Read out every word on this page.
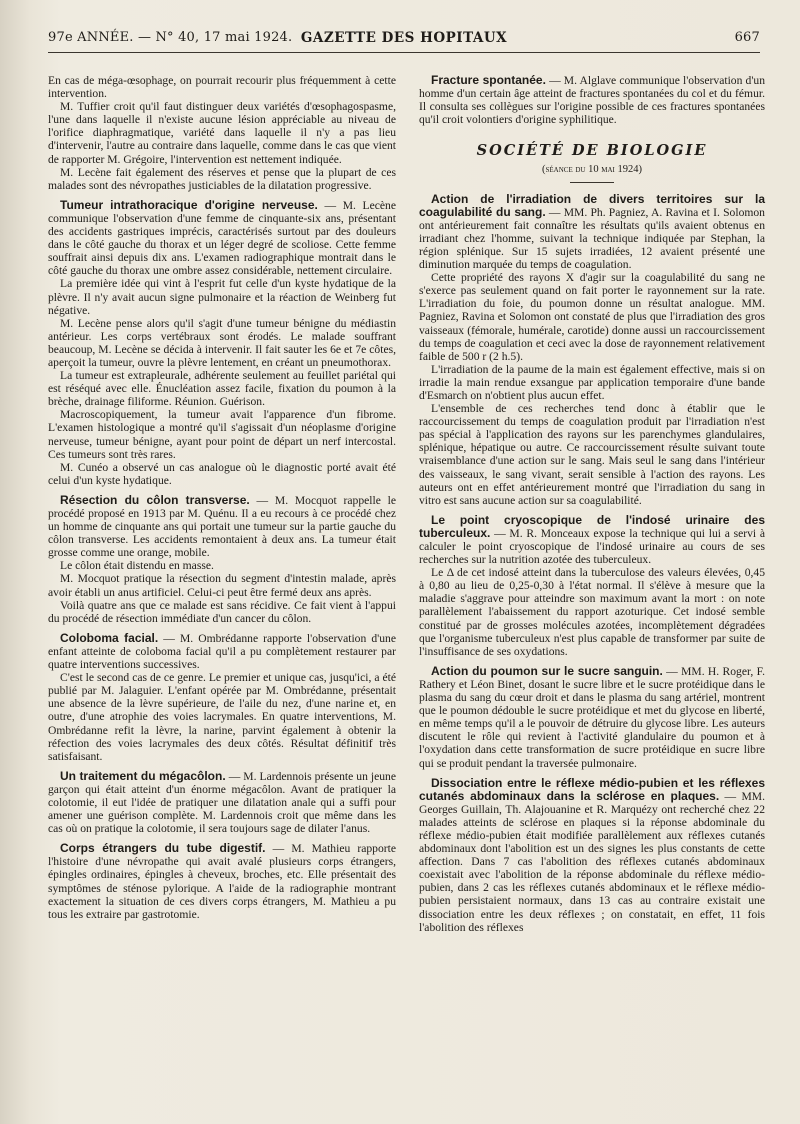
97e ANNÉE. — N° 40, 17 mai 1924. GAZETTE DES HOPITAUX	667

En cas de méga-œsophage, on pourrait recourir plus fréquemment à cette intervention.

M. Tuffier croit qu'il faut distinguer deux variétés d'œsophagospasme, l'une dans laquelle il n'existe aucune lésion appréciable au niveau de l'orifice diaphragmatique, variété dans laquelle il n'y a pas lieu d'intervenir, l'autre au contraire dans laquelle, comme dans le cas que vient de rapporter M. Grégoire, l'intervention est nettement indiquée.

M. Lecène fait également des réserves et pense que la plupart de ces malades sont des névropathes justiciables de la dilatation progressive.

Tumeur intrathoracique d'origine nerveuse. — M. Lecène communique l'observation d'une femme de cinquante-six ans, présentant des accidents gastriques imprécis, caractérisés surtout par des douleurs dans le côté gauche du thorax et un léger degré de scoliose. Cette femme souffrait ainsi depuis dix ans. L'examen radiographique montrait dans le côté gauche du thorax une ombre assez considérable, nettement circulaire.

La première idée qui vint à l'esprit fut celle d'un kyste hydatique de la plèvre. Il n'y avait aucun signe pulmonaire et la réaction de Weinberg fut négative.

M. Lecène pense alors qu'il s'agit d'une tumeur bénigne du médiastin antérieur. Les corps vertébraux sont érodés. Le malade souffrant beaucoup, M. Lecène se décida à intervenir. Il fait sauter les 6e et 7e côtes, aperçoit la tumeur, ouvre la plèvre lentement, en créant un pneumothorax.

La tumeur est extrapleurale, adhérente seulement au feuillet pariétal qui est réséqué avec elle. Énucléation assez facile, fixation du poumon à la brèche, drainage filiforme. Réunion. Guérison.

Macroscopiquement, la tumeur avait l'apparence d'un fibrome. L'examen histologique a montré qu'il s'agissait d'un néoplasme d'origine nerveuse, tumeur bénigne, ayant pour point de départ un nerf intercostal. Ces tumeurs sont très rares.

M. Cunéo a observé un cas analogue où le diagnostic porté avait été celui d'un kyste hydatique.

Résection du côlon transverse. — M. Mocquot rappelle le procédé proposé en 1913 par M. Quénu. Il a eu recours à ce procédé chez un homme de cinquante ans qui portait une tumeur sur la partie gauche du côlon transverse. Les accidents remontaient à deux ans. La tumeur était grosse comme une orange, mobile.

Le côlon était distendu en masse.

M. Mocquot pratique la résection du segment d'intestin malade, après avoir établi un anus artificiel. Celui-ci peut être fermé deux ans après.

Voilà quatre ans que ce malade est sans récidive. Ce fait vient à l'appui du procédé de résection immédiate d'un cancer du côlon.

Coloboma facial. — M. Ombrédanne rapporte l'observation d'une enfant atteinte de coloboma facial qu'il a pu complètement restaurer par quatre interventions successives.

C'est le second cas de ce genre. Le premier et unique cas, jusqu'ici, a été publié par M. Jalaguier. L'enfant opérée par M. Ombrédanne, présentait une absence de la lèvre supérieure, de l'aile du nez, d'une narine et, en outre, d'une atrophie des voies lacrymales. En quatre interventions, M. Ombrédanne refit la lèvre, la narine, parvint également à obtenir la réfection des voies lacrymales des deux côtés. Résultat définitif très satisfaisant.

Un traitement du mégacôlon. — M. Lardennois présente un jeune garçon qui était atteint d'un énorme mégacôlon. Avant de pratiquer la colotomie, il eut l'idée de pratiquer une dilatation anale qui a suffi pour amener une guérison complète. M. Lardennois croit que même dans les cas où on pratique la colotomie, il sera toujours sage de dilater l'anus.

Corps étrangers du tube digestif. — M. Mathieu rapporte l'histoire d'une névropathe qui avait avalé plusieurs corps étrangers, épingles ordinaires, épingles à cheveux, broches, etc. Elle présentait des symptômes de sténose pylorique. A l'aide de la radiographie montrant exactement la situation de ces divers corps étrangers, M. Mathieu a pu tous les extraire par gastrotomie.

Fracture spontanée. — M. Alglave communique l'observation d'un homme d'un certain âge atteint de fractures spontanées du col et du fémur. Il consulta ses collègues sur l'origine possible de ces fractures spontanées qu'il croit volontiers d'origine syphilitique.

SOCIÉTÉ DE BIOLOGIE
(séance du 10 mai 1924)

Action de l'irradiation de divers territoires sur la coagulabilité du sang. — MM. Ph. Pagniez, A. Ravina et I. Solomon ont antérieurement fait connaître les résultats qu'ils avaient obtenus en irradiant chez l'homme, suivant la technique indiquée par Stephan, la région splénique. Sur 15 sujets irradiées, 12 avaient présenté une diminution marquée du temps de coagulation.

Cette propriété des rayons X d'agir sur la coagulabilité du sang ne s'exerce pas seulement quand on fait porter le rayonnement sur la rate. L'irradiation du foie, du poumon donne un résultat analogue. MM. Pagniez, Ravina et Solomon ont constaté de plus que l'irradiation des gros vaisseaux (fémorale, humérale, carotide) donne aussi un raccourcissement du temps de coagulation et ceci avec la dose de rayonnement relativement faible de 500 r (2 h.5).

L'irradiation de la paume de la main est également effective, mais si on irradie la main rendue exsangue par application temporaire d'une bande d'Esmarch on n'obtient plus aucun effet.

L'ensemble de ces recherches tend donc à établir que le raccourcissement du temps de coagulation produit par l'irradiation n'est pas spécial à l'application des rayons sur les parenchymes glandulaires, splénique, hépatique ou autre. Ce raccourcissement résulte suivant toute vraisemblance d'une action sur le sang. Mais seul le sang dans l'intérieur des vaisseaux, le sang vivant, serait sensible à l'action des rayons. Les auteurs ont en effet antérieurement montré que l'irradiation du sang in vitro est sans aucune action sur sa coagulabilité.

Le point cryoscopique de l'indosé urinaire des tuberculeux. — M. R. Monceaux expose la technique qui lui a servi à calculer le point cryoscopique de l'indosé urinaire au cours de ses recherches sur la nutrition azotée des tuberculeux.

Le Δ de cet indosé atteint dans la tuberculose des valeurs élevées, 0,45 à 0,80 au lieu de 0,25-0,30 à l'état normal. Il s'élève à mesure que la maladie s'aggrave pour atteindre son maximum avant la mort : on note parallèlement l'abaissement du rapport azoturique. Cet indosé semble constitué par de grosses molécules azotées, incomplètement dégradées que l'organisme tuberculeux n'est plus capable de transformer par suite de l'insuffisance de ses oxydations.

Action du poumon sur le sucre sanguin. — MM. H. Roger, F. Rathery et Léon Binet, dosant le sucre libre et le sucre protéidique dans le plasma du sang du cœur droit et dans le plasma du sang artériel, montrent que le poumon dédouble le sucre protéidique et met du glycose en liberté, en même temps qu'il a le pouvoir de détruire du glycose libre. Les auteurs discutent le rôle qui revient à l'activité glandulaire du poumon et à l'oxydation dans cette transformation de sucre protéidique en sucre libre qui se produit pendant la traversée pulmonaire.

Dissociation entre le réflexe médio-pubien et les réflexes cutanés abdominaux dans la sclérose en plaques. — MM. Georges Guillain, Th. Alajouanine et R. Marquézy ont recherché chez 22 malades atteints de sclérose en plaques si la réponse abdominale du réflexe médio-pubien était modifiée parallèlement aux réflexes cutanés abdominaux dont l'abolition est un des signes les plus constants de cette affection. Dans 7 cas l'abolition des réflexes cutanés abdominaux coexistait avec l'abolition de la réponse abdominale du réflexe médio-pubien, dans 2 cas les réflexes cutanés abdominaux et le réflexe médio-pubien persistaient normaux, dans 13 cas au contraire existait une dissociation entre les deux réflexes ; on constatait, en effet, 11 fois l'abolition des réflexes
